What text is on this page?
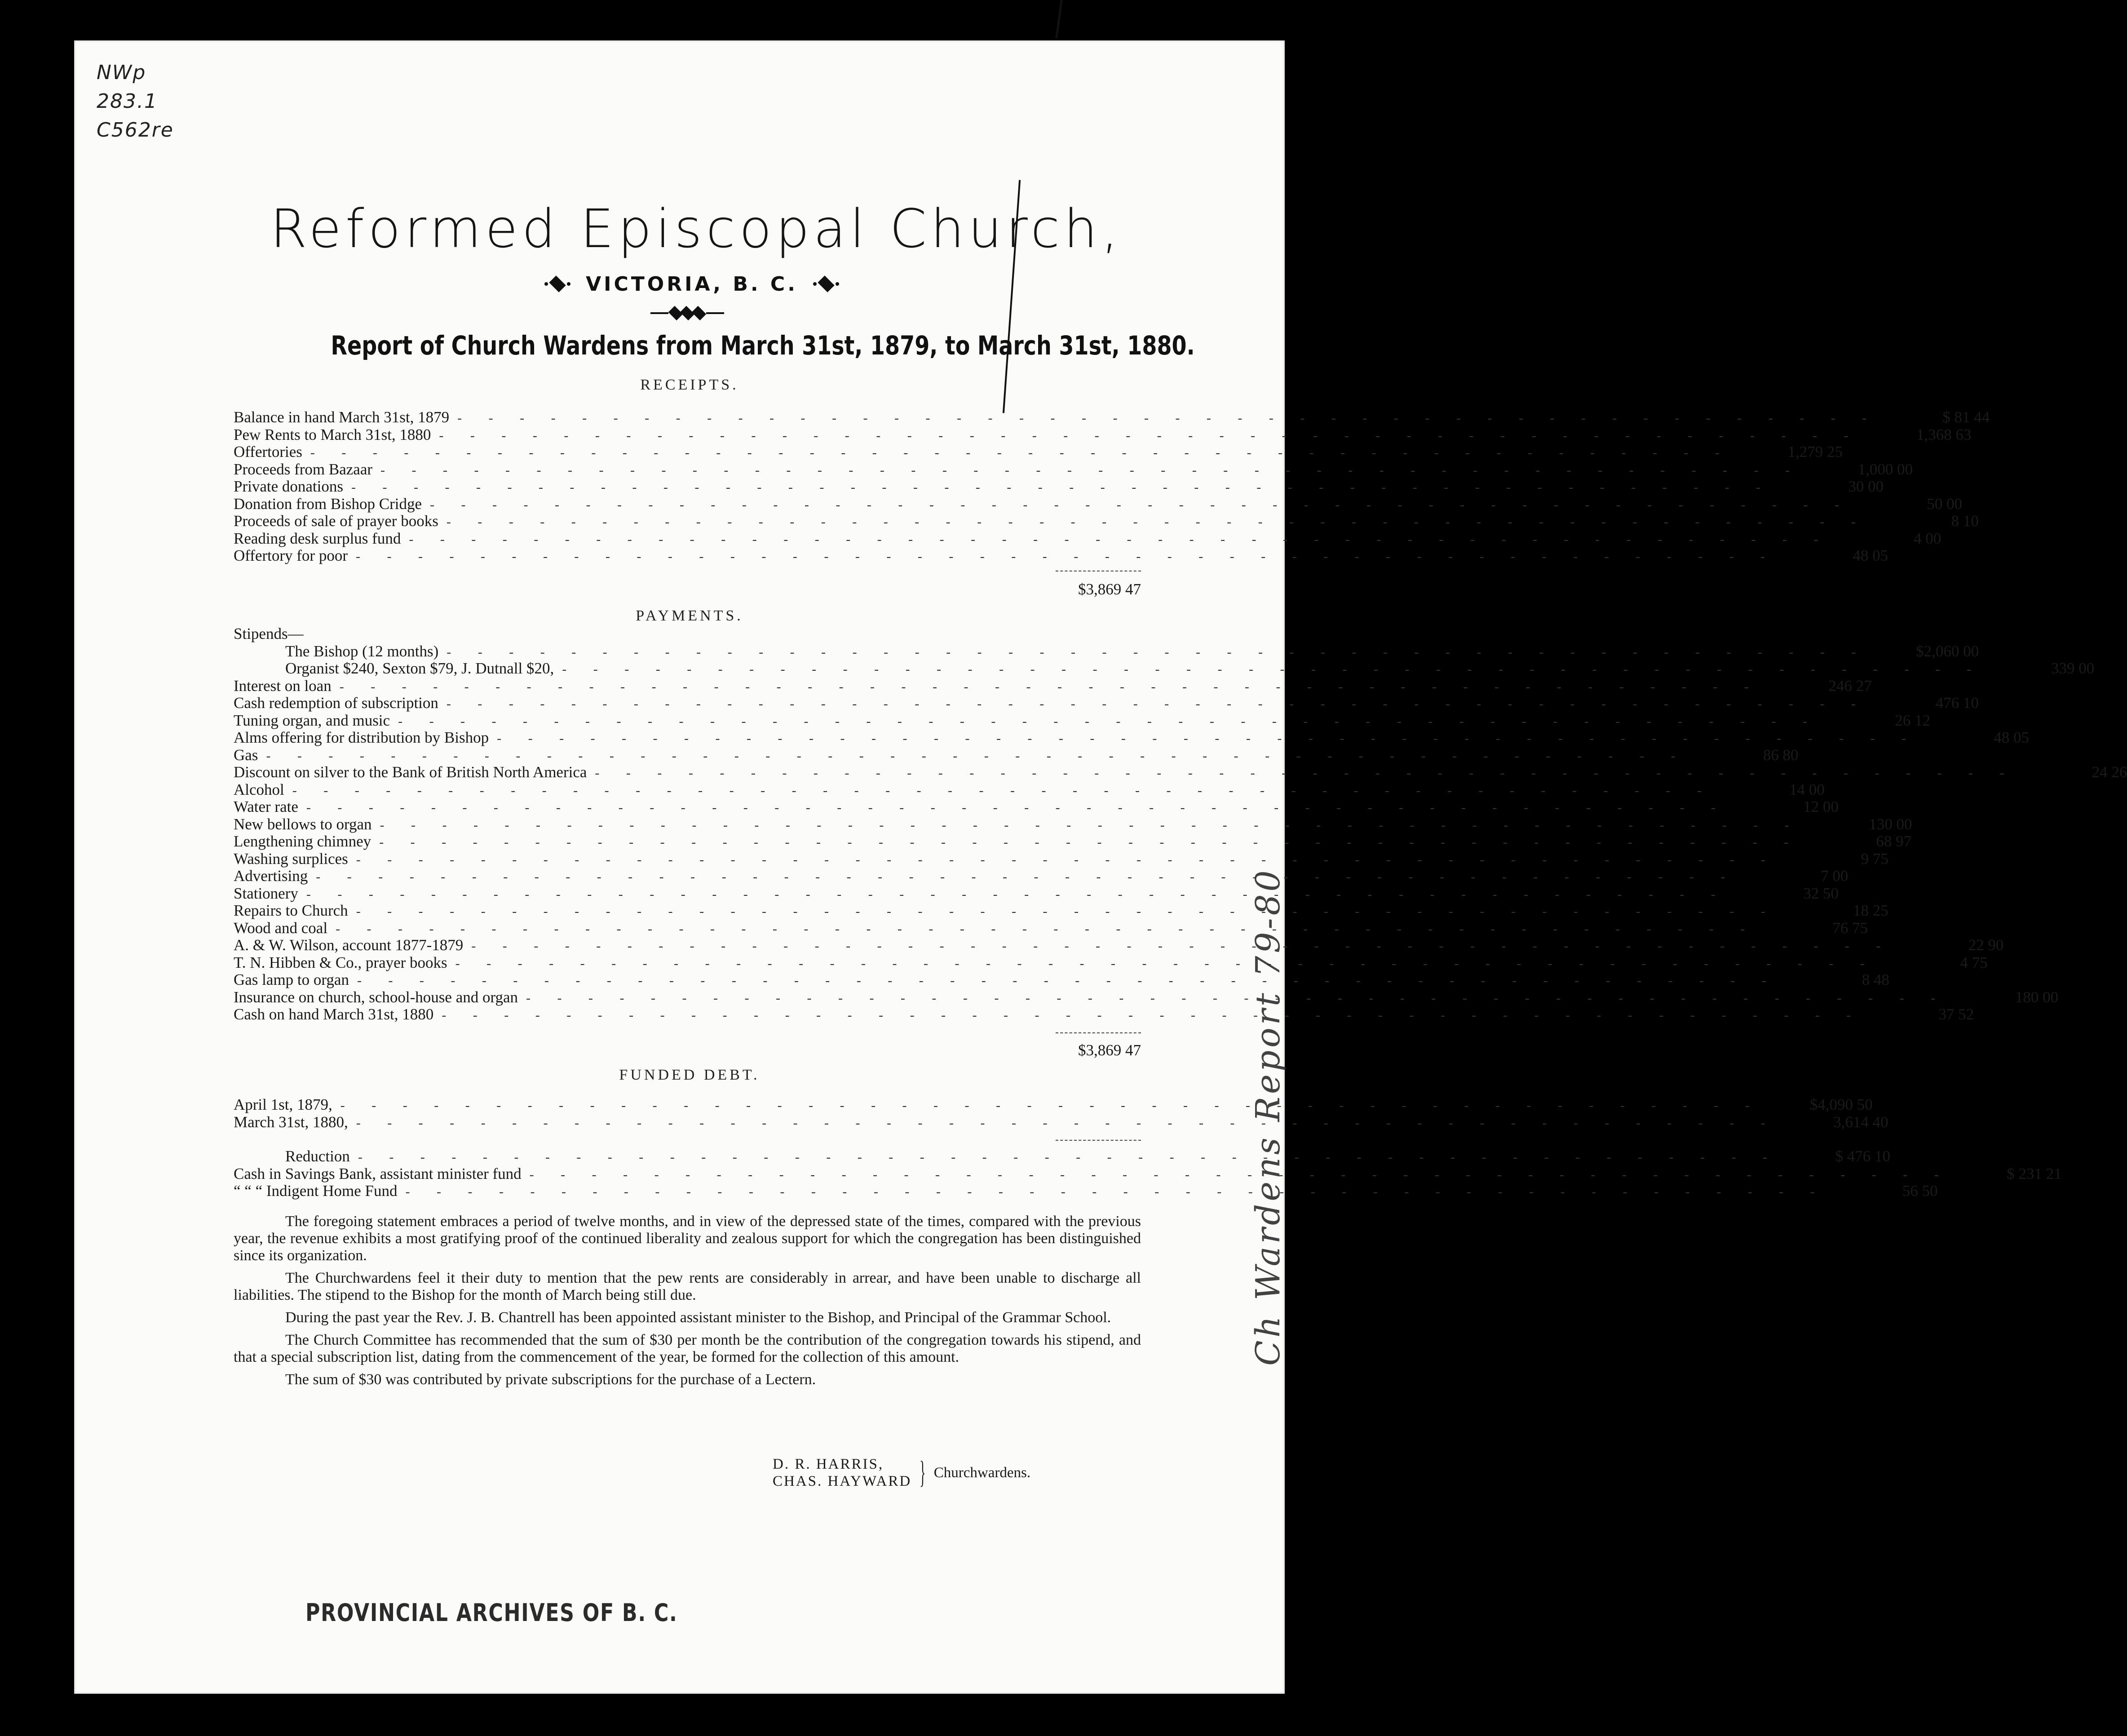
NWp
283.1
C562re
Reformed Episcopal Church,
VICTORIA, B. C.
Report of Church Wardens from March 31st, 1879, to March 31st, 1880.
RECEIPTS.
Balance in hand March 31st, 1879 - - - - - - - - - - - - - - - - - - - - - - - - - - - - - - - - - - - - - - - - - - - - - -	$ 81 44
Pew Rents to March 31st, 1880 - - - - - - - - - - - - - - - - - - - - - - - - - - - - - - - - - - - - - - - - - - - - - -	1,368 63
Offertories - - - - - - - - - - - - - - - - - - - - - - - - - - - - - - - - - - - - - - - - - - - - - -	1,279 25
Proceeds from Bazaar - - - - - - - - - - - - - - - - - - - - - - - - - - - - - - - - - - - - - - - - - - - - - -	1,000 00
Private donations - - - - - - - - - - - - - - - - - - - - - - - - - - - - - - - - - - - - - - - - - - - - - -	30 00
Donation from Bishop Cridge - - - - - - - - - - - - - - - - - - - - - - - - - - - - - - - - - - - - - - - - - - - - - -	50 00
Proceeds of sale of prayer books - - - - - - - - - - - - - - - - - - - - - - - - - - - - - - - - - - - - - - - - - - - - - -	8 10
Reading desk surplus fund - - - - - - - - - - - - - - - - - - - - - - - - - - - - - - - - - - - - - - - - - - - - - -	4 00
Offertory for poor - - - - - - - - - - - - - - - - - - - - - - - - - - - - - - - - - - - - - - - - - - - - - -	48 05
$3,869 47
PAYMENTS.
Stipends—
The Bishop (12 months) - - - - - - - - - - - - - - - - - - - - - - - - - - - - - - - - - - - - - - - - - - - - - -	$2,060 00
Organist $240, Sexton $79, J. Dutnall $20, - - - - - - - - - - - - - - - - - - - - - - - - - - - - - - - - - - - - - - - - - - - - - -	339 00
Interest on loan - - - - - - - - - - - - - - - - - - - - - - - - - - - - - - - - - - - - - - - - - - - - - -	246 27
Cash redemption of subscription - - - - - - - - - - - - - - - - - - - - - - - - - - - - - - - - - - - - - - - - - - - - - -	476 10
Tuning organ, and music - - - - - - - - - - - - - - - - - - - - - - - - - - - - - - - - - - - - - - - - - - - - - -	26 12
Alms offering for distribution by Bishop - - - - - - - - - - - - - - - - - - - - - - - - - - - - - - - - - - - - - - - - - - - - - -	48 05
Gas - - - - - - - - - - - - - - - - - - - - - - - - - - - - - - - - - - - - - - - - - - - - - -	86 80
Discount on silver to the Bank of British North America - - - - - - - - - - - - - - - - - - - - - - - - - - - - - - - - - - - - - - - - - - - - - -	24 26
Alcohol - - - - - - - - - - - - - - - - - - - - - - - - - - - - - - - - - - - - - - - - - - - - - -	14 00
Water rate - - - - - - - - - - - - - - - - - - - - - - - - - - - - - - - - - - - - - - - - - - - - - -	12 00
New bellows to organ - - - - - - - - - - - - - - - - - - - - - - - - - - - - - - - - - - - - - - - - - - - - - -	130 00
Lengthening chimney - - - - - - - - - - - - - - - - - - - - - - - - - - - - - - - - - - - - - - - - - - - - - -	68 97
Washing surplices - - - - - - - - - - - - - - - - - - - - - - - - - - - - - - - - - - - - - - - - - - - - - -	9 75
Advertising - - - - - - - - - - - - - - - - - - - - - - - - - - - - - - - - - - - - - - - - - - - - - -	7 00
Stationery - - - - - - - - - - - - - - - - - - - - - - - - - - - - - - - - - - - - - - - - - - - - - -	32 50
Repairs to Church - - - - - - - - - - - - - - - - - - - - - - - - - - - - - - - - - - - - - - - - - - - - - -	18 25
Wood and coal - - - - - - - - - - - - - - - - - - - - - - - - - - - - - - - - - - - - - - - - - - - - - -	76 75
A. & W. Wilson, account 1877-1879 - - - - - - - - - - - - - - - - - - - - - - - - - - - - - - - - - - - - - - - - - - - - - -	22 90
T. N. Hibben & Co., prayer books - - - - - - - - - - - - - - - - - - - - - - - - - - - - - - - - - - - - - - - - - - - - - -	4 75
Gas lamp to organ - - - - - - - - - - - - - - - - - - - - - - - - - - - - - - - - - - - - - - - - - - - - - -	8 48
Insurance on church, school-house and organ - - - - - - - - - - - - - - - - - - - - - - - - - - - - - - - - - - - - - - - - - - - - - -	180 00
Cash on hand March 31st, 1880 - - - - - - - - - - - - - - - - - - - - - - - - - - - - - - - - - - - - - - - - - - - - - -	37 52
$3,869 47
FUNDED DEBT.
April 1st, 1879, - - - - - - - - - - - - - - - - - - - - - - - - - - - - - - - - - - - - - - - - - - - - - -	$4,090 50
March 31st, 1880, - - - - - - - - - - - - - - - - - - - - - - - - - - - - - - - - - - - - - - - - - - - - - -	3,614 40
Reduction - - - - - - - - - - - - - - - - - - - - - - - - - - - - - - - - - - - - - - - - - - - - - -	$ 476 10
Cash in Savings Bank, assistant minister fund - - - - - - - - - - - - - - - - - - - - - - - - - - - - - - - - - - - - - - - - - - - - - -	$ 231 21
“ “ “ Indigent Home Fund - - - - - - - - - - - - - - - - - - - - - - - - - - - - - - - - - - - - - - - - - - - - - -	56 50

The foregoing statement embraces a period of twelve months, and in view of the depressed state of the times, compared with the previous year, the revenue exhibits a most gratifying proof of the continued liberality and zealous support for which the congregation has been distinguished since its organization.

The Churchwardens feel it their duty to mention that the pew rents are considerably in arrear, and have been unable to discharge all liabilities. The stipend to the Bishop for the month of March being still due.

During the past year the Rev. J. B. Chantrell has been appointed assistant minister to the Bishop, and Principal of the Grammar School.

The Church Committee has recommended that the sum of $30 per month be the contribution of the congregation towards his stipend, and that a special subscription list, dating from the commencement of the year, be formed for the collection of this amount.

The sum of $30 was contributed by private subscriptions for the purchase of a Lectern.

D. R. HARRIS,
CHAS. HAYWARD } Churchwardens.
PROVINCIAL ARCHIVES OF B. C.
Ch Wardens Report 79-80
